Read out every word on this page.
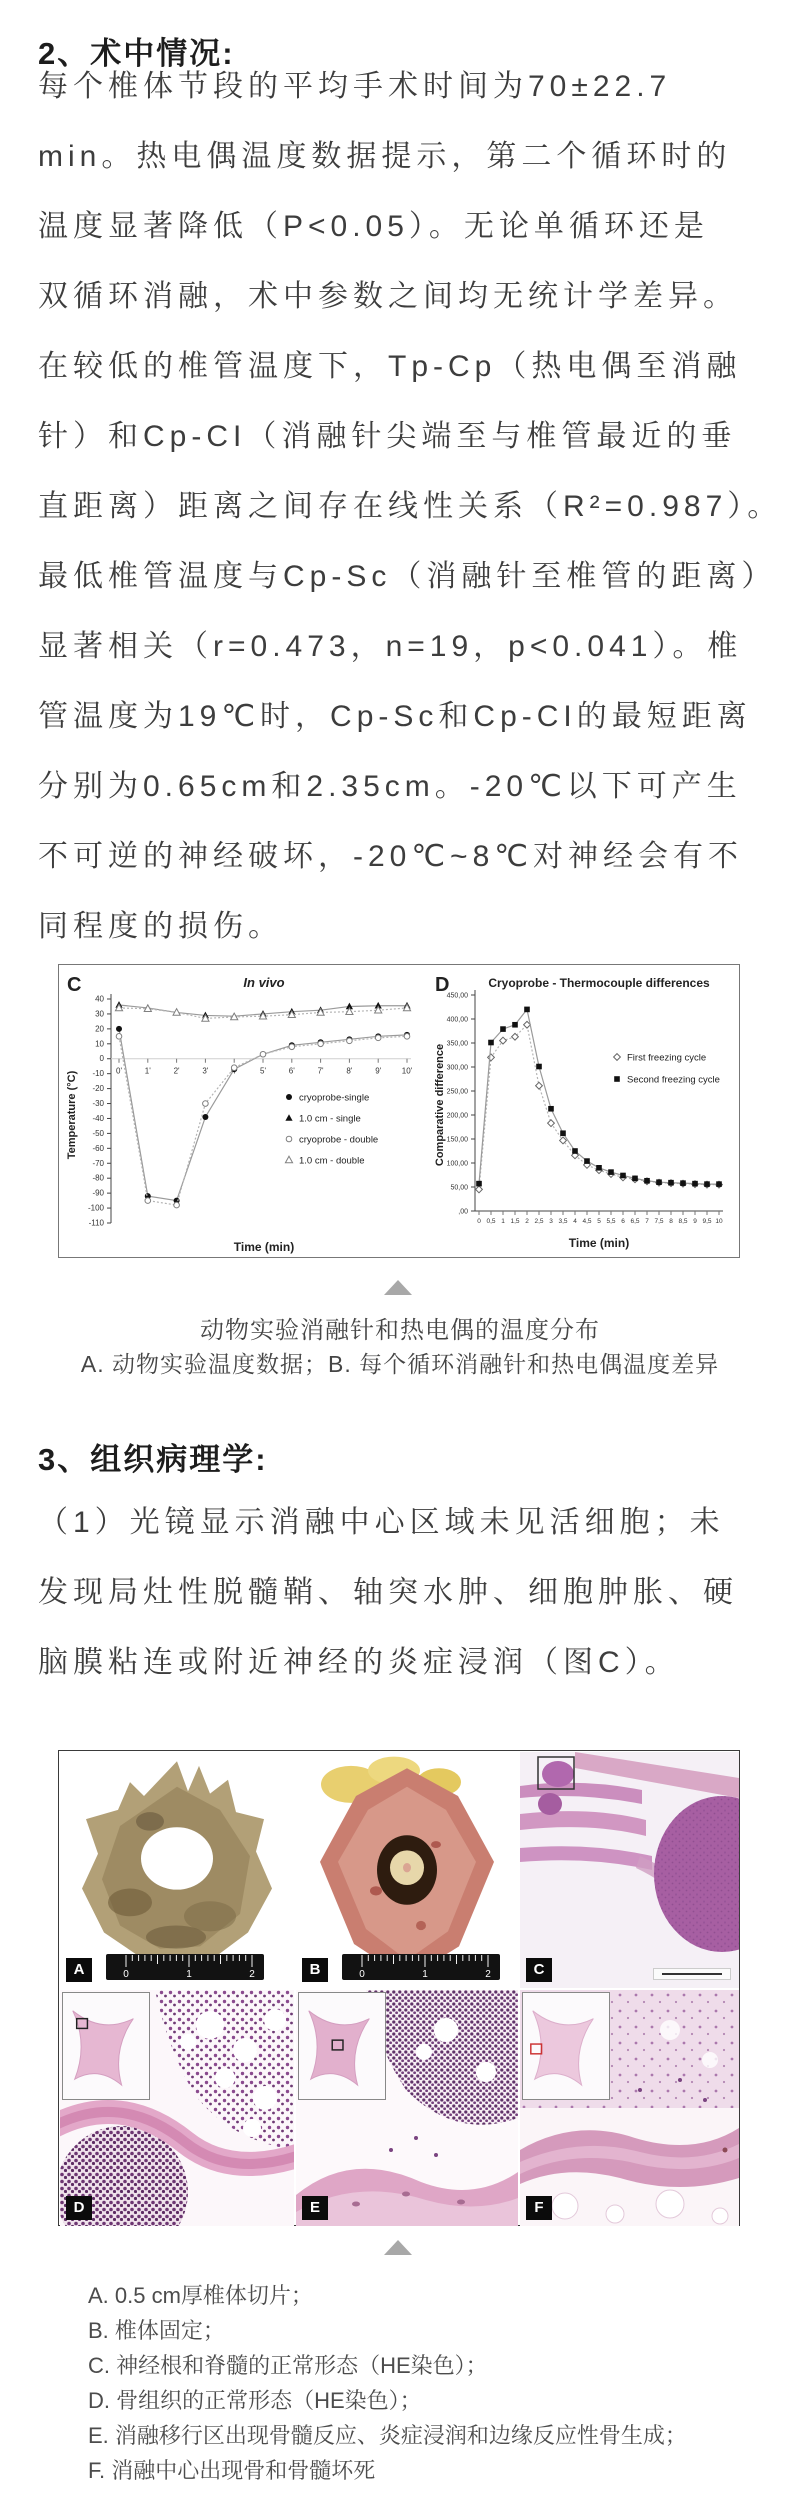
2、术中情况:
每个椎体节段的平均手术时间为70±22.7
min。热电偶温度数据提示，第二个循环时的
温度显著降低（P<0.05）。无论单循环还是
双循环消融，术中参数之间均无统计学差异。
在较低的椎管温度下，Tp-Cp（热电偶至消融
针）和Cp-CI（消融针尖端至与椎管最近的垂
直距离）距离之间存在线性关系（R²=0.987）。
最低椎管温度与Cp-Sc（消融针至椎管的距离）
显著相关（r=0.473，n=19，p<0.041）。椎
管温度为19℃时，Cp-Sc和Cp-CI的最短距离
分别为0.65cm和2.35cm。-20℃以下可产生
不可逆的神经破坏，-20℃~8℃对神经会有不
同程度的损伤。
C	In vivo
40
30
20
10
0
-10
-20
-30
-40
-50
-60
-70
-80
-90
-100
-110
0'	1'	2'	3'	5'	6'	7'	8'	9'	10'
cryoprobe-single
1.0 cm - single
cryoprobe - double
1.0 cm - double
Temperature (°C)
Time (min)
D	Cryoprobe - Thermocouple differences
,00
50,00
100,00
150,00
200,00
250,00
300,00
350,00
400,00
450,00
0 0,5 1 1,5 2 2,5 3 3,5 4 4,5 5 5,5 6 6,5 7 7,5 8 8,5 9 9,5 10
First freezing cycle
Second freezing cycle
Comparative difference
Time (min)
动物实验消融针和热电偶的温度分布
A. 动物实验温度数据；B. 每个循环消融针和热电偶温度差异
3、组织病理学:
（1）光镜显示消融中心区域未见活细胞；未
发现局灶性脱髓鞘、轴突水肿、细胞肿胀、硬
脑膜粘连或附近神经的炎症浸润（图C）。
0	1	2
A	0	1	2
B	C
D	E	F
A. 0.5 cm厚椎体切片；
B. 椎体固定；
C. 神经根和脊髓的正常形态（HE染色）；
D. 骨组织的正常形态（HE染色）；
E. 消融移行区出现骨髓反应、炎症浸润和边缘反应性骨生成；
F. 消融中心出现骨和骨髓坏死
